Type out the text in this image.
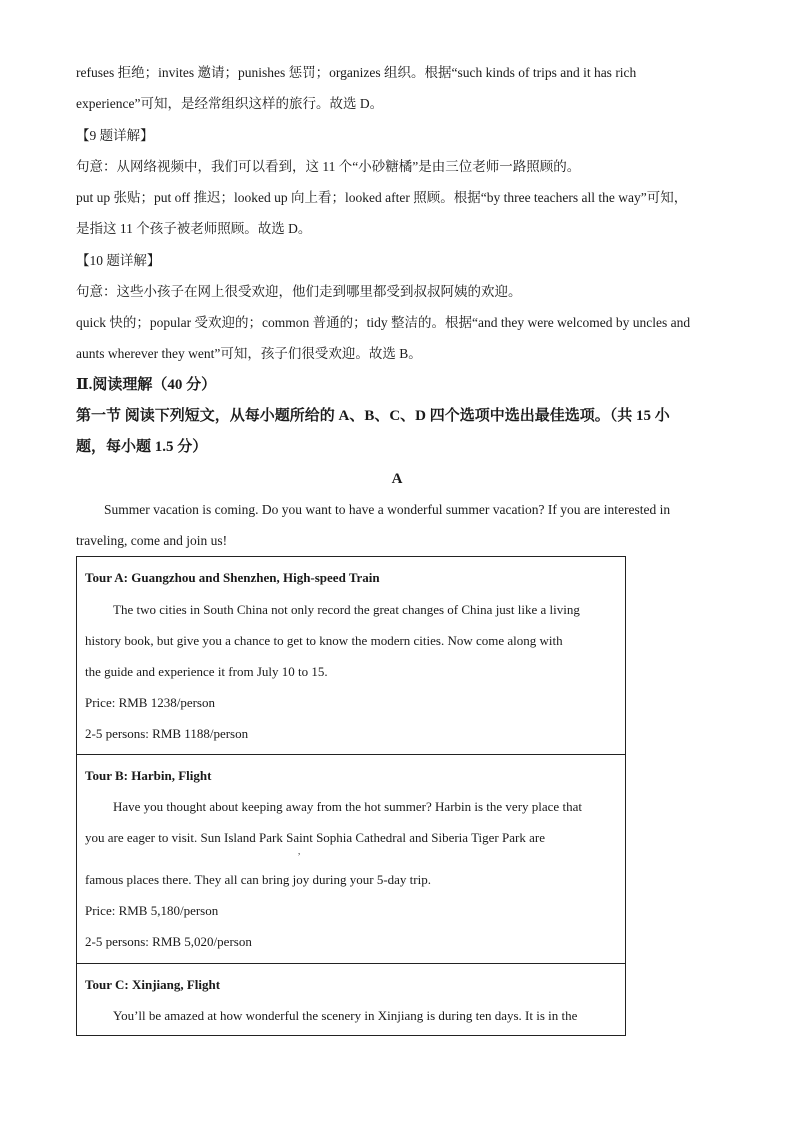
refuses 拒绝；invites 邀请；punishes 惩罚；organizes 组织。根据“such kinds of trips and it has rich
experience”可知，是经常组织这样的旅行。故选 D。
【9 题详解】
句意：从网络视频中，我们可以看到，这 11 个“小砂糖橘”是由三位老师一路照顾的。
put up 张贴；put off 推迟；looked up 向上看；looked after 照顾。根据“by three teachers all the way”可知，
是指这 11 个孩子被老师照顾。故选 D。
【10 题详解】
句意：这些小孩子在网上很受欢迎，他们走到哪里都受到叔叔阿姨的欢迎。
quick 快的；popular 受欢迎的；common 普通的；tidy 整洁的。根据“and they were welcomed by uncles and
aunts wherever they went”可知，孩子们很受欢迎。故选 B。
Ⅱ.阅读理解（40 分）
第一节 阅读下列短文，从每小题所给的 A、B、C、D 四个选项中选出最佳选项。（共 15 小
题，每小题 1.5 分）
A
Summer vacation is coming. Do you want to have a wonderful summer vacation? If you are interested in
traveling, come and join us!
Tour A: Guangzhou and Shenzhen, High-speed Train
The two cities in South China not only record the great changes of China just like a living
history book, but give you a chance to get to know the modern cities. Now come along with
the guide and experience it from July 10 to 15.
Price: RMB 1238/person
2-5 persons: RMB 1188/person
Tour B: Harbin, Flight
Have you thought about keeping away from the hot summer? Harbin is the very place that
you are eager to visit. Sun Island Park Saint Sophia Cathedral and Siberia Tiger Park are
famous places there. They all can bring joy during your 5-day trip.
Price: RMB 5,180/person
2-5 persons: RMB 5,020/person
Tour C: Xinjiang, Flight
You’ll be amazed at how wonderful the scenery in Xinjiang is during ten days. It is in the
,
